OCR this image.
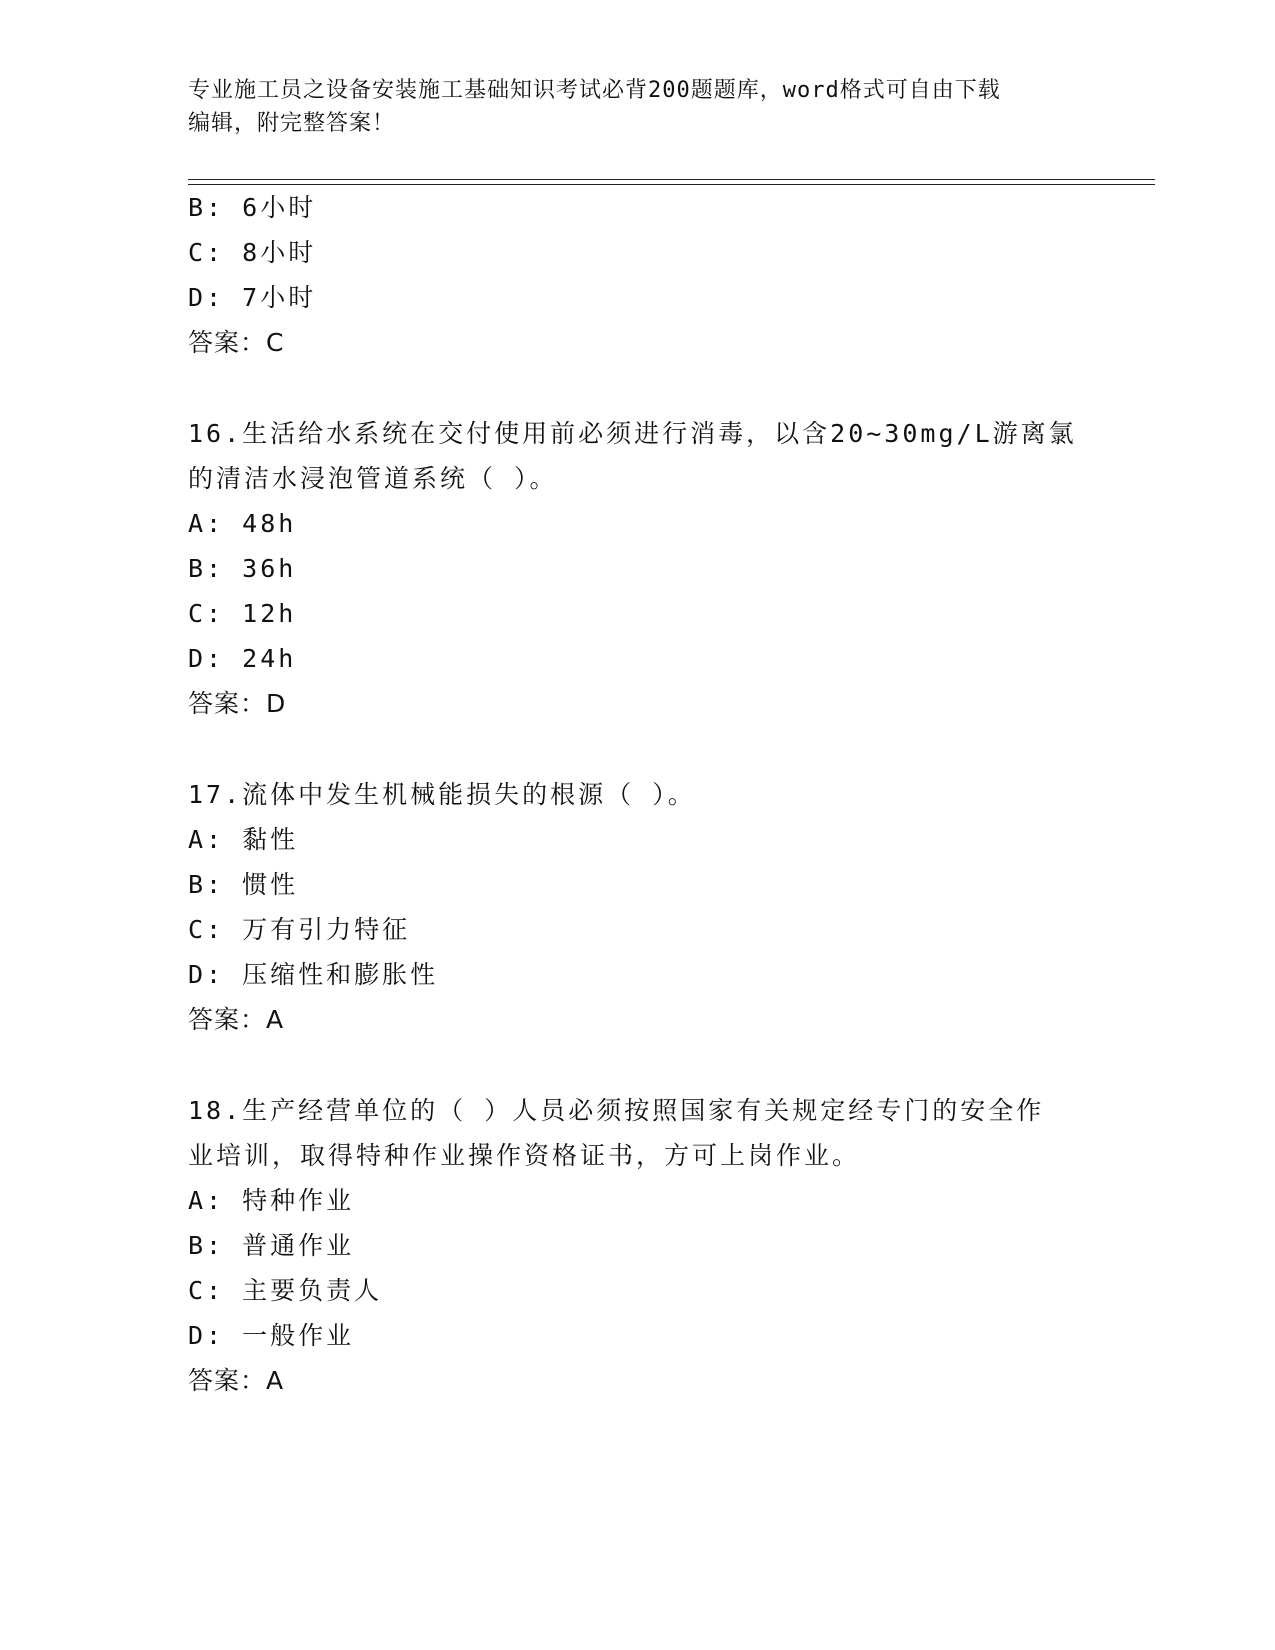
专业施工员之设备安装施工基础知识考试必背200题题库，word格式可自由下载
编辑，附完整答案！
B: 6小时
C: 8小时
D: 7小时
答案：C
16.生活给水系统在交付使用前必须进行消毒，以含20~30mg/L游离氯
的清洁水浸泡管道系统（ ）。
A: 48h
B: 36h
C: 12h
D: 24h
答案：D
17.流体中发生机械能损失的根源（ ）。
A: 黏性
B: 惯性
C: 万有引力特征
D: 压缩性和膨胀性
答案：A
18.生产经营单位的（ ）人员必须按照国家有关规定经专门的安全作
业培训，取得特种作业操作资格证书，方可上岗作业。
A: 特种作业
B: 普通作业
C: 主要负责人
D: 一般作业
答案：A
